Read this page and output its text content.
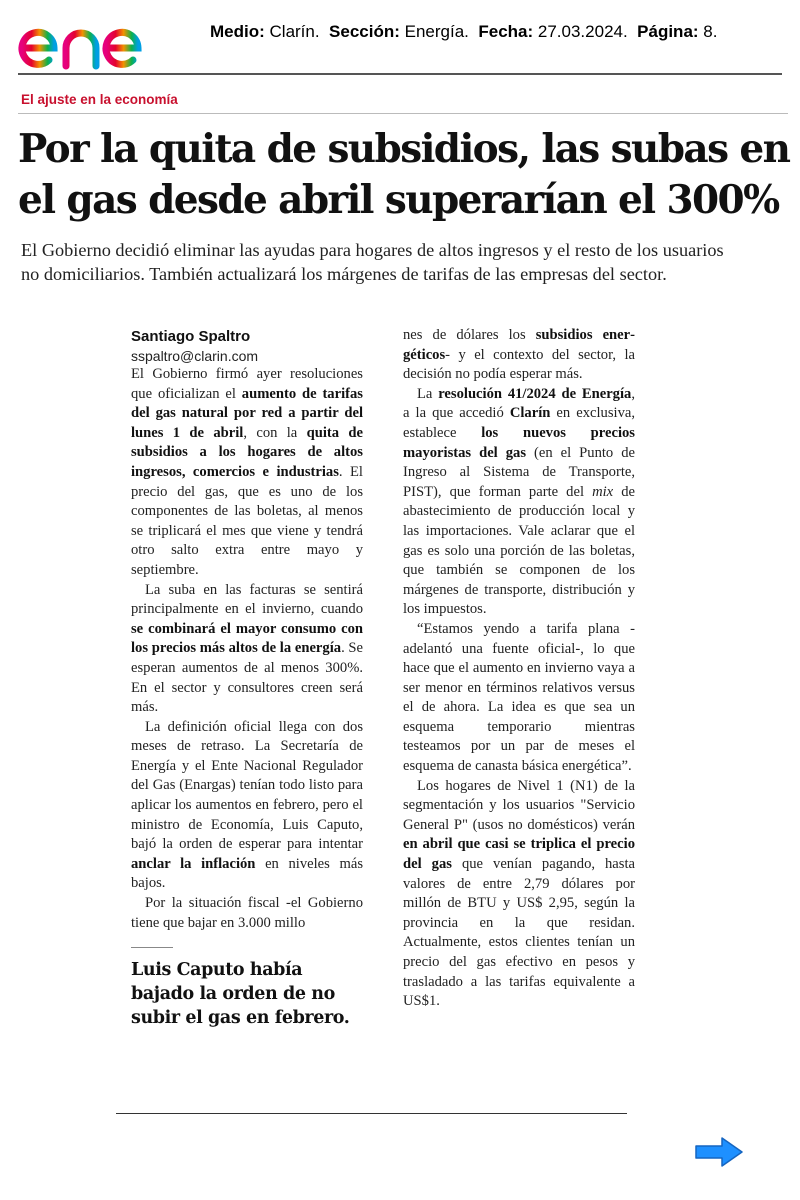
Medio: Clarín. Sección: Energía. Fecha: 27.03.2024. Página: 8.
El ajuste en la economía
Por la quita de subsidios, las subas en
el gas desde abril superarían el 300%

El Gobierno decidió eliminar las ayudas para hogares de altos ingresos y el resto de los usuarios
no domiciliarios. También actualizará los márgenes de tarifas de las empresas del sector.

Santiago Spaltro

sspaltro@clarin.com

El Gobierno firmó ayer resoluciones que oficializan el aumento de tarifas del gas natural por red a partir del lunes 1 de abril, con la quita de subsidios a los hogares de altos ingresos, comercios e industrias. El precio del gas, que es uno de los componentes de las boletas, al menos se triplicará el mes que viene y tendrá otro salto extra entre mayo y septiembre.

La suba en las facturas se sentirá principalmente en el invierno, cuando se combinará el mayor consumo con los precios más altos de la energía. Se esperan aumentos de al menos 300%. En el sector y consultores creen será más.

La definición oficial llega con dos meses de retraso. La Secretaría de Energía y el Ente Nacional Regulador del Gas (Enargas) tenían todo listo para aplicar los aumentos en febrero, pero el ministro de Economía, Luis Caputo, bajó la orden de esperar para intentar anclar la inflación en niveles más bajos.

Por la situación fiscal -el Gobierno tiene que bajar en 3.000 millo

Luis Caputo había
bajado la orden de no
subir el gas en febrero.

nes de dólares los subsidios energéticos- y el contexto del sector, la decisión no podía esperar más.

La resolución 41/2024 de Energía, a la que accedió Clarín en exclusiva, establece los nuevos precios mayoristas del gas (en el Punto de Ingreso al Sistema de Transporte, PIST), que forman parte del mix de abastecimiento de producción local y las importaciones. Vale aclarar que el gas es solo una porción de las boletas, que también se componen de los márgenes de transporte, distribución y los impuestos.

“Estamos yendo a tarifa plana -adelantó una fuente oficial-, lo que hace que el aumento en invierno vaya a ser menor en términos relativos versus el de ahora. La idea es que sea un esquema temporario mientras testeamos por un par de meses el esquema de canasta básica energética”.

Los hogares de Nivel 1 (N1) de la segmentación y los usuarios "Servicio General P" (usos no domésticos) verán en abril que casi se triplica el precio del gas que venían pagando, hasta valores de entre 2,79 dólares por millón de BTU y US$ 2,95, según la provincia en la que residan. Actualmente, estos clientes tenían un precio del gas efectivo en pesos y trasladado a las tarifas equivalente a US$1.
